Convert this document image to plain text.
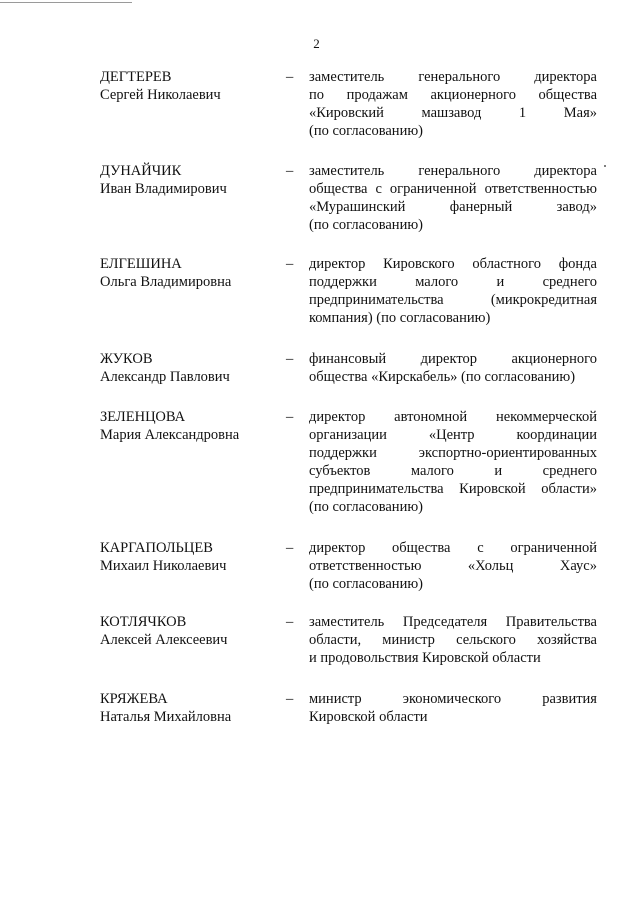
2
ДЕГТЕРЕВ
Сергей Николаевич
– заместитель генерального директора
по продажам акционерного общества
«Кировский	машзавод	1	Мая»
(по согласованию)
ДУНАЙЧИК
Иван Владимирович
– заместитель генерального директора
общества с ограниченной ответственностью
«Мурашинский	фанерный	завод»
(по согласованию)
ЕЛГЕШИНА
Ольга Владимировна
– директор Кировского областного фонда
поддержки	малого	и	среднего
предпринимательства	(микрокредитная
компания) (по согласованию)
ЖУКОВ
Александр Павлович
– финансовый директор акционерного
общества «Кирскабель» (по согласованию)
ЗЕЛЕНЦОВА
Мария Александровна
– директор автономной некоммерческой
организации	«Центр	координации
поддержки	экспортно-ориентированных
субъектов	малого	и	среднего
предпринимательства Кировской области»
(по согласованию)
КАРГАПОЛЬЦЕВ
Михаил Николаевич
– директор общества с ограниченной
ответственностью	«Хольц	Хаус»
(по согласованию)
КОТЛЯЧКОВ
Алексей Алексеевич
– заместитель Председателя Правительства
области, министр сельского хозяйства
и продовольствия Кировской области
КРЯЖЕВА
Наталья Михайловна
– министр	экономического	развития
Кировской области
